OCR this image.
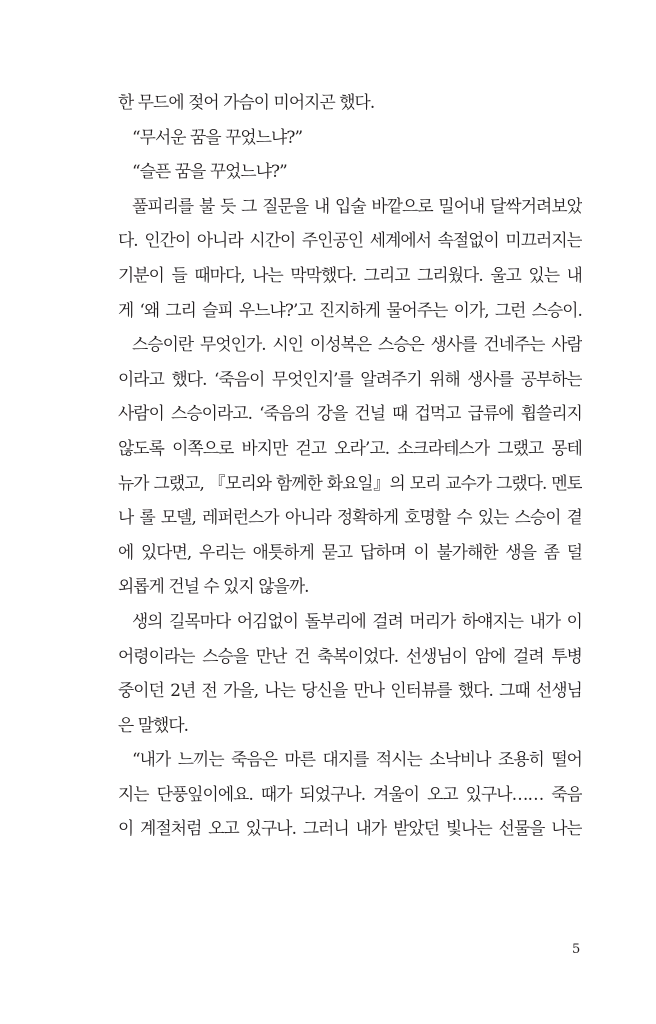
한 무드에 젖어 가슴이 미어지곤 했다.
“무서운 꿈을 꾸었느냐?”
“슬픈 꿈을 꾸었느냐?”
풀피리를 불 듯 그 질문을 내 입술 바깥으로 밀어내 달싹거려보았
다. 인간이 아니라 시간이 주인공인 세계에서 속절없이 미끄러지는
기분이 들 때마다, 나는 막막했다. 그리고 그리웠다. 울고 있는 내
게 ‘왜 그리 슬피 우느냐?’고 진지하게 물어주는 이가, 그런 스승이.
스승이란 무엇인가. 시인 이성복은 스승은 생사를 건네주는 사람
이라고 했다. ‘죽음이 무엇인지’를 알려주기 위해 생사를 공부하는
사람이 스승이라고. ‘죽음의 강을 건널 때 겁먹고 급류에 휩쓸리지
않도록 이쪽으로 바지만 걷고 오라’고. 소크라테스가 그랬고 몽테
뉴가 그랬고, 『모리와 함께한 화요일』의 모리 교수가 그랬다. 멘토
나 롤 모델, 레퍼런스가 아니라 정확하게 호명할 수 있는 스승이 곁
에 있다면, 우리는 애틋하게 묻고 답하며 이 불가해한 생을 좀 덜
외롭게 건널 수 있지 않을까.
생의 길목마다 어김없이 돌부리에 걸려 머리가 하얘지는 내가 이
어령이라는 스승을 만난 건 축복이었다. 선생님이 암에 걸려 투병
중이던 2년 전 가을, 나는 당신을 만나 인터뷰를 했다. 그때 선생님
은 말했다.
“내가 느끼는 죽음은 마른 대지를 적시는 소낙비나 조용히 떨어
지는 단풍잎이에요. 때가 되었구나. 겨울이 오고 있구나…… 죽음
이 계절처럼 오고 있구나. 그러니 내가 받았던 빛나는 선물을 나는
5
